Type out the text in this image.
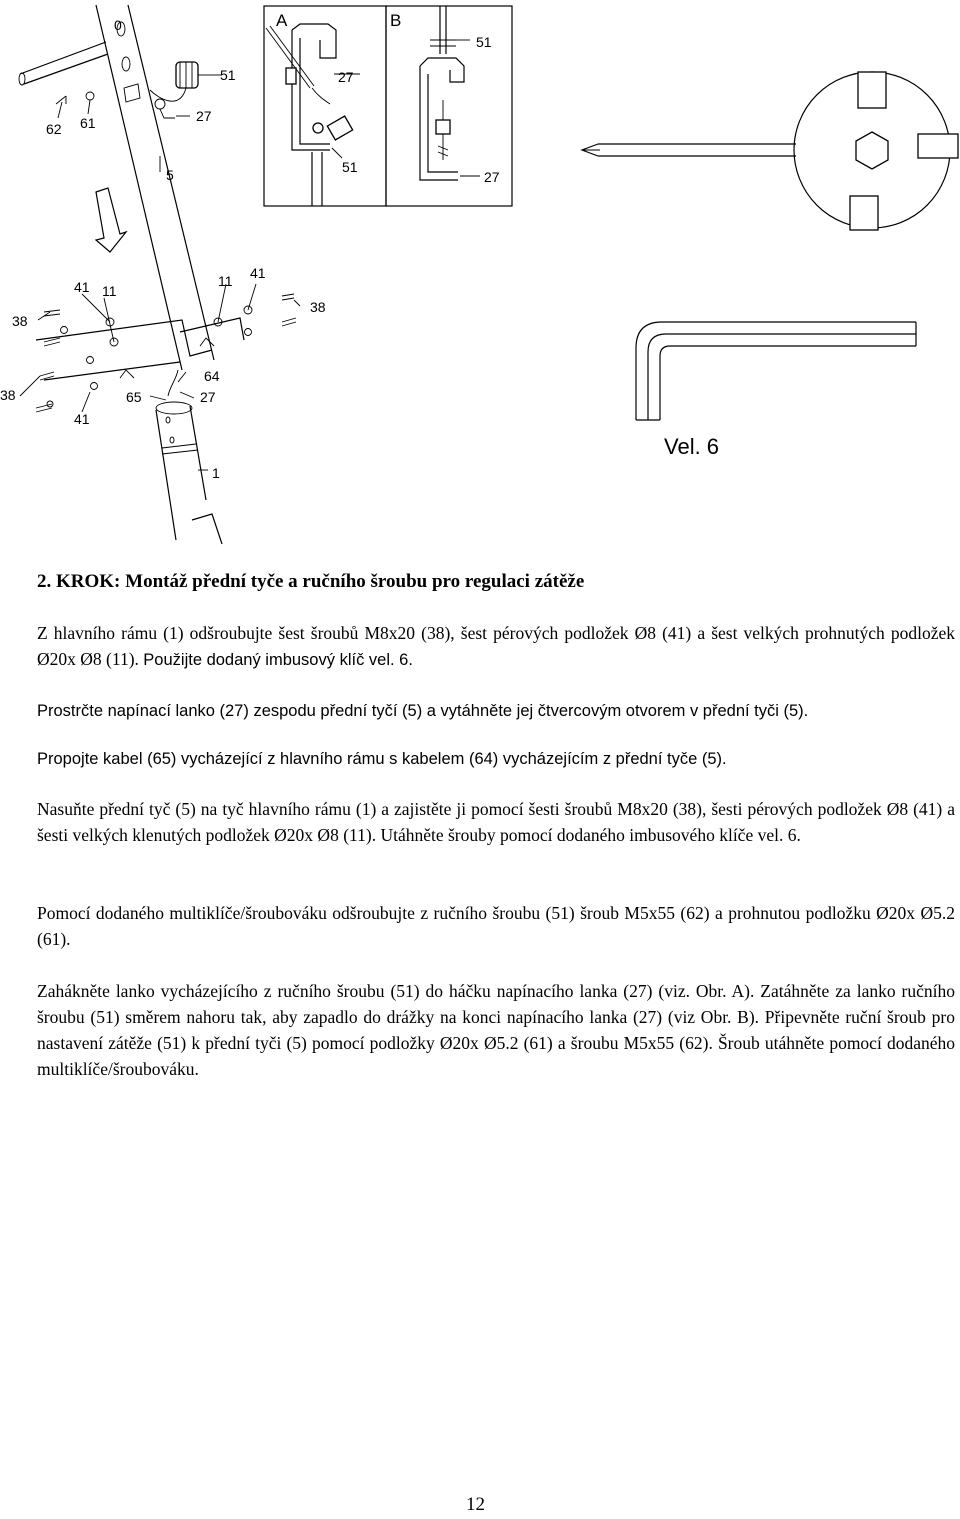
A
27
51
B
51
27
0
51
62 61	27
5
41 11
11 41
38
38
38
64
65	27
41
1
Vel. 6
2. KROK: Montáž přední tyče a ručního šroubu pro regulaci zátěže

Z hlavního rámu (1) odšroubujte šest šroubů M8x20 (38), šest pérových podložek Ø8 (41) a šest velkých prohnutých podložek Ø20x Ø8 (11). Použijte dodaný imbusový klíč vel. 6.

Prostrčte napínací lanko (27) zespodu přední tyčí (5) a vytáhněte jej čtvercovým otvorem v přední tyči (5).

Propojte kabel (65) vycházející z hlavního rámu s kabelem (64) vycházejícím z přední tyče (5).

Nasuňte přední tyč (5) na tyč hlavního rámu (1) a zajistěte ji pomocí šesti šroubů M8x20 (38), šesti pérových podložek Ø8 (41) a šesti velkých klenutých podložek Ø20x Ø8 (11). Utáhněte šrouby pomocí dodaného imbusového klíče vel. 6.

Pomocí dodaného multiklíče/šroubováku odšroubujte z ručního šroubu (51) šroub M5x55 (62) a prohnutou podložku Ø20x Ø5.2 (61).

Zahákněte lanko vycházejícího z ručního šroubu (51) do háčku napínacího lanka (27) (viz. Obr. A). Zatáhněte za lanko ručního šroubu (51) směrem nahoru tak, aby zapadlo do drážky na konci napínacího lanka (27) (viz Obr. B). Připevněte ruční šroub pro nastavení zátěže (51) k přední tyči (5) pomocí podložky Ø20x Ø5.2 (61) a šroubu M5x55 (62). Šroub utáhněte pomocí dodaného multiklíče/šroubováku.

12
